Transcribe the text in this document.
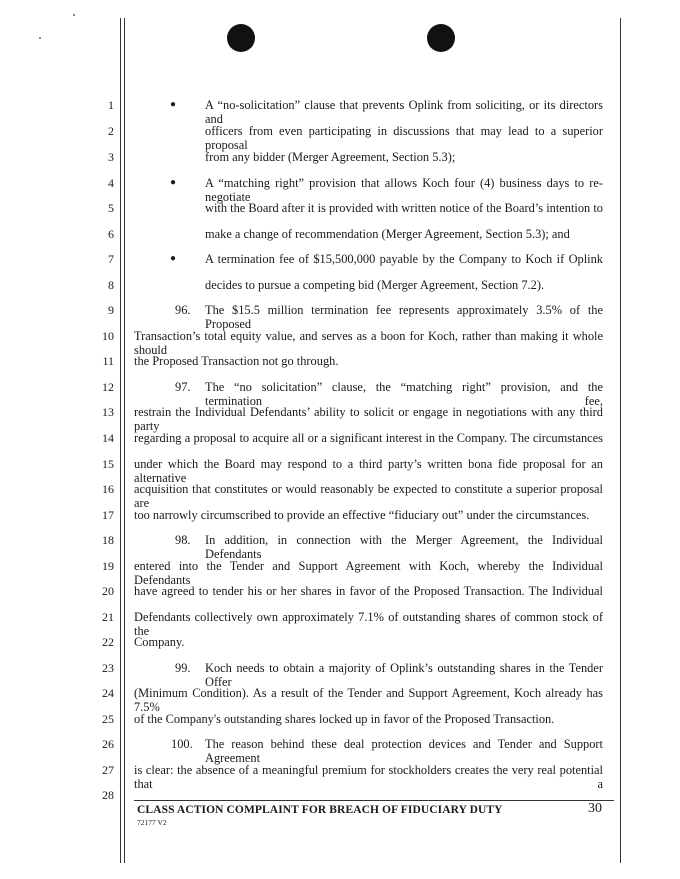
1
2
3
4
5
6
7
8
9
10
11
12
13
14
15
16
17
18
19
20
21
22
23
24
25
26
27
28
● A “no-solicitation” clause that prevents Oplink from soliciting, or its directors and
officers from even participating in discussions that may lead to a superior proposal
from any bidder (Merger Agreement, Section 5.3);
● A “matching right” provision that allows Koch four (4) business days to re-negotiate
with the Board after it is provided with written notice of the Board’s intention to
make a change of recommendation (Merger Agreement, Section 5.3); and
● A termination fee of $15,500,000 payable by the Company to Koch if Oplink
decides to pursue a competing bid (Merger Agreement, Section 7.2).
96. The $15.5 million termination fee represents approximately 3.5% of the Proposed
Transaction’s total equity value, and serves as a boon for Koch, rather than making it whole should
the Proposed Transaction not go through.
97. The “no solicitation” clause, the “matching right” provision, and the termination fee,
restrain the Individual Defendants’ ability to solicit or engage in negotiations with any third party
regarding a proposal to acquire all or a significant interest in the Company. The circumstances
under which the Board may respond to a third party’s written bona fide proposal for an alternative
acquisition that constitutes or would reasonably be expected to constitute a superior proposal are
too narrowly circumscribed to provide an effective “fiduciary out” under the circumstances.
98. In addition, in connection with the Merger Agreement, the Individual Defendants
entered into the Tender and Support Agreement with Koch, whereby the Individual Defendants
have agreed to tender his or her shares in favor of the Proposed Transaction. The Individual
Defendants collectively own approximately 7.1% of outstanding shares of common stock of the
Company.
99. Koch needs to obtain a majority of Oplink’s outstanding shares in the Tender Offer
(Minimum Condition). As a result of the Tender and Support Agreement, Koch already has 7.5%
of the Company's outstanding shares locked up in favor of the Proposed Transaction.
100. The reason behind these deal protection devices and Tender and Support Agreement
is clear: the absence of a meaningful premium for stockholders creates the very real potential that a
CLASS ACTION COMPLAINT FOR BREACH OF FIDUCIARY DUTY
72177 V2
30
